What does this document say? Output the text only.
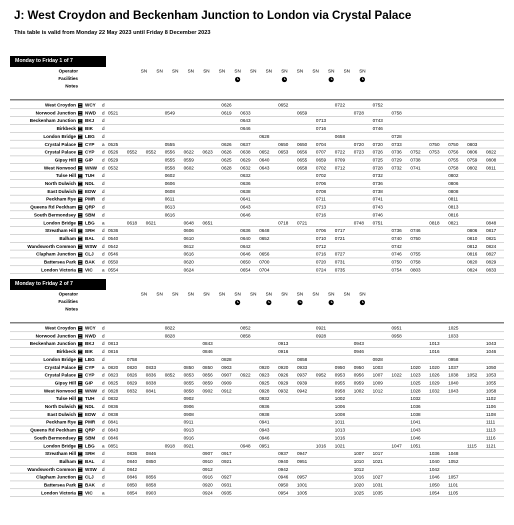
J: West Croydon and Beckenham Junction to London via Crystal Palace
This table is valid from Monday 22 May 2023 until Friday 8 December 2023
Monday to Friday 1 of 7
Operator
Facilities
Notes
SN SN SN SN SN SN SN SN SN SN SN SN SN SN SN
West Croydon WCY d	0626	0652	0722	0752
Norwood Junction NWD d 0521	0549	0619 0633	0659	0728	0758
Beckenham Junction BKJ d	0643	0713	0743
Birkbeck BIK d	0646	0716	0746
London Bridge LBG d	0628	0658	0728
Crystal Palace CYP a 0525	0555	0626 0637	0650 0650 0704	0720 0720 0733	0750 0750 0803
Crystal Palace CYP d 0526 0552 0552 0556 0622 0623 0626 0638 0652 0653 0656 0707 0722 0723 0726 0736 0752 0753 0756 0806 0822
Gipsy Hill GIP d 0529	0555 0559	0625 0629 0640	0655 0659 0709	0725 0729 0738	0755 0759 0808
West Norwood WNW d 0532	0558 0602	0628 0632 0643	0658 0702 0712	0728 0732 0741	0758 0802 0811
Tulse Hill TUH d	0602	0632	0702	0732	0802
North Dulwich NDL d	0606	0636	0706	0736	0806
East Dulwich EDW d	0608	0638	0708	0738	0808
Peckham Rye PMR d	0611	0641	0711	0741	0811
Queens Rd Peckham QRP d	0613	0643	0713	0743	0813
South Bermondsey SBM d	0616	0646	0716	0746	0816
London Bridge LBG a	0618 0621	0648 0651	0718 0721	0748 0751	0818 0821	0848
Streatham Hill SRH d 0536	0606	0636 0648	0706 0717	0736 0746	0806 0817
Balham BAL d 0540	0610	0640 0652	0710 0721	0740 0750	0810 0821
Wandsworth Common WSW d 0542	0612	0642	0712	0742	0812 0824
Clapham Junction CLJ d 0546	0616	0646 0656	0716 0727	0746 0755	0816 0827
Battersea Park BAK d 0550	0620	0650 0700	0720 0731	0750 0758	0820 0829
London Victoria VIC a 0554	0624	0654 0704	0724 0735	0754 0803	0824 0833
Monday to Friday 2 of 7
Operator
Facilities
Notes
SN SN SN SN SN SN SN SN SN SN SN SN SN SN SN
West Croydon WCY d	0822	0852	0921	0951	1025
Norwood Junction NWD d	0828	0858	0928	0958	1033
Beckenham Junction BKJ d 0813	0843	0913	0943	1013	1043
Birkbeck BIK d 0816	0846	0916	0946	1016	1046
London Bridge LBG d	0758	0828	0858	0928	0958
Crystal Palace CYP a 0820 0820 0833	0850 0850 0903	0920 0920 0933	0950 0950 1003	1020 1020 1037	1050
Crystal Palace CYP d 0823 0826 0836 0852 0853 0856 0907 0922 0923 0926 0937 0952 0953 0956 1007 1022 1023 1026 1038 1052 1053
Gipsy Hill GIP d 0825 0829 0838	0855 0859 0909	0925 0929 0939	0955 0959 1009	1025 1029 1040	1055
West Norwood WNW d 0828 0832 0841	0858 0902 0912	0928 0932 0942	0958 1002 1012	1028 1032 1043	1058
Tulse Hill TUH d 0832	0902	0932	1002	1032	1102
North Dulwich NDL d 0836	0906	0936	1006	1036	1106
East Dulwich EDW d 0838	0908	0938	1008	1038	1108
Peckham Rye PMR d 0841	0911	0941	1011	1041	1111
Queens Rd Peckham QRP d 0843	0913	0943	1013	1043	1113
South Bermondsey SBM d 0846	0916	0946	1016	1046	1116
London Bridge LBG a 0851	0918 0921	0948 0951	1016 1021	1047 1051	1115 1121
Streatham Hill SRH d	0836 0846	0907 0917	0937 0947	1007 1017	1036 1048
Balham BAL d	0840 0850	0910 0921	0940 0951	1010 1021	1040 1052
Wandsworth Common WSW d	0842	0912	0942	1012	1042
Clapham Junction CLJ d	0846 0856	0916 0927	0946 0957	1016 1027	1046 1057
Battersea Park BAK d	0850 0858	0920 0931	0950 1001	1020 1031	1050 1101
London Victoria VIC a	0854 0903	0924 0935	0954 1005	1025 1035	1054 1105
